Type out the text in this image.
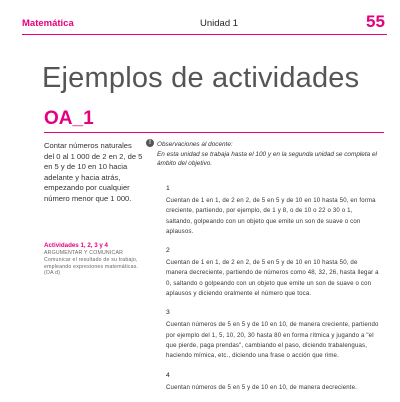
Matemática	Unidad 1	55
Ejemplos de actividades
OA_1
Contar números naturales del 0 al 1 000 de 2 en 2, de 5 en 5 y de 10 en 10 hacia adelante y hacia atrás, empezando por cualquier número menor que 1 000.
Actividades 1, 2, 3 y 4
ARGUMENTAR Y COMUNICAR
Comunicar el resultado de su trabajo, empleando expresiones matemáticas. (OA d)
! Observaciones al docente:
En esta unidad se trabaja hasta el 100 y en la segunda unidad se completa el ámbito del objetivo.
1
Cuentan de 1 en 1, de 2 en 2, de 5 en 5 y de 10 en 10 hasta 50, en forma creciente, partiendo, por ejemplo, de 1 y 8, o de 10 o 22 o 30 o 1, saltando, golpeando con un objeto que emite un son de suave o con aplausos.
2
Cuentan de 1 en 1, de 2 en 2, de 5 en 5 y de 10 en 10 hasta 50, de manera decreciente, partiendo de números como 48, 32, 26, hasta llegar a 0, saltando o golpeando con un objeto que emite un son de suave o con aplausos y diciendo oralmente el número que toca.
3
Cuentan números de 5 en 5 y de 10 en 10, de manera creciente, partiendo por ejemplo del 1, 5, 10, 20, 30 hasta 80 en forma rítmica y jugando a "el que pierde, paga prendas", cambiando el paso, diciendo trabalenguas, haciendo mímica, etc., diciendo una frase o acción que rime.
4
Cuentan números de 5 en 5 y de 10 en 10, de manera decreciente.
